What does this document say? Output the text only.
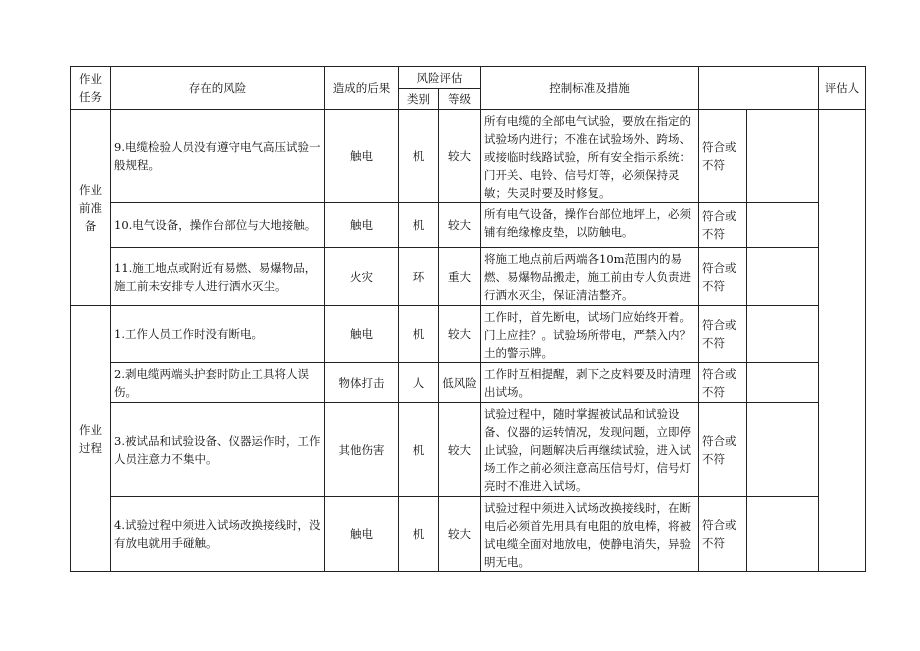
作业
任务	存在的风险	造成的后果	风险评估		控制标准及措施			评估人
			类别	等级				
作业
前准
备	9.电缆检验人员没有遵守电气高压试验一般规程。	触电	机	较大	所有电缆的全部电气试验，要放在指定的试验场内进行；不准在试验场外、跨场、或接临时线路试验，所有安全指示系统：门开关、电铃、信号灯等，必须保持灵敏；失灵时要及时修复。	符合或不符		
	10.电气设备，操作台部位与大地接触。	触电	机	较大	所有电气设备，操作台部位地坪上，必须铺有绝缘橡皮垫，以防触电。	符合或不符		
	11.施工地点或附近有易燃、易爆物品，施工前未安排专人进行洒水灭尘。	火灾	环	重大	将施工地点前后两端各10m范围内的易燃、易爆物品搬走，施工前由专人负责进行洒水灭尘，保证清洁整齐。	符合或不符		
作业
过程	1.工作人员工作时没有断电。	触电	机	较大	工作时，首先断电，试场门应始终开着。门上应挂？。试验场所带电，严禁入内？土的警示牌。	符合或不符		
	2.剥电缆两端头护套时防止工具将人误伤。	物体打击	人	低风险	工作时互相提醒，剥下之皮料要及时清理出试场。	符合或不符		
	3.被试品和试验设备、仪器运作时，工作人员注意力不集中。	其他伤害	机	较大	试验过程中，随时掌握被试品和试验设备、仪器的运转情况，发现问题，立即停止试验，问题解决后再继续试验，进入试场工作之前必须注意高压信号灯，信号灯亮时不准进入试场。	符合或不符		
	4.试验过程中须进入试场改换接线时，没有放电就用手碰触。	触电	机	较大	试验过程中须进入试场改换接线时，在断电后必须首先用具有电阻的放电棒，将被试电缆全面对地放电，使静电消失，异验明无电。	符合或不符		
